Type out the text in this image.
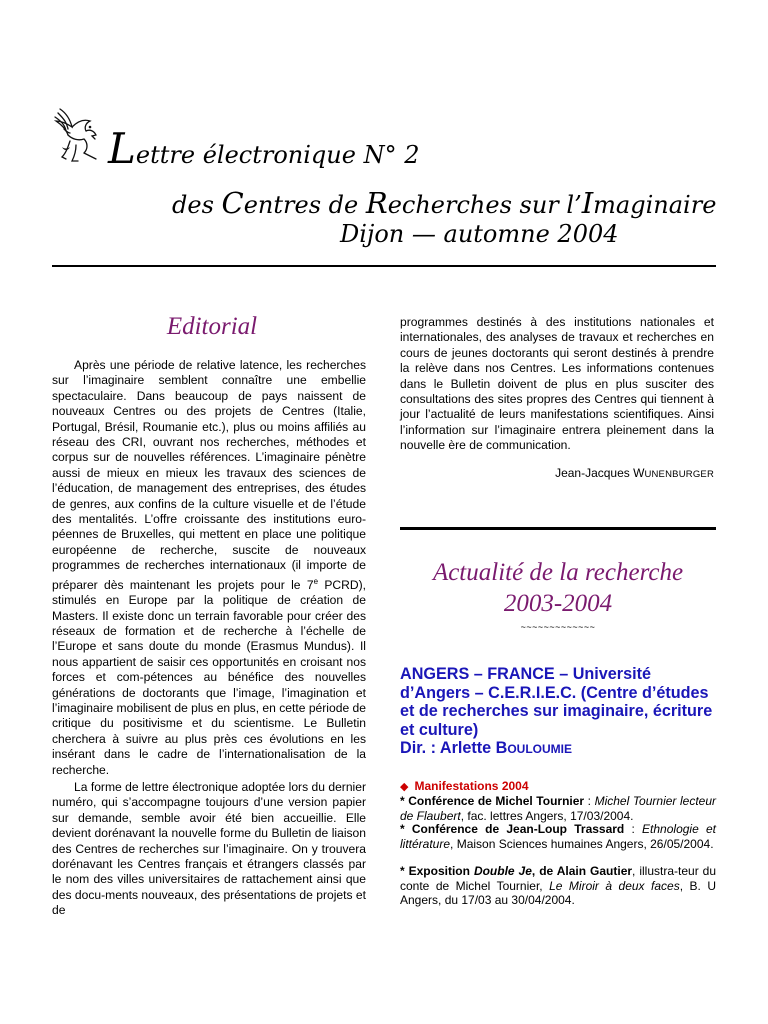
Lettre électronique N° 2
des Centres de Recherches sur l’Imaginaire
Dijon — automne 2004
Editorial

Après une période de relative latence, les recherches sur l’imaginaire semblent connaître une embellie spectaculaire. Dans beaucoup de pays naissent de nouveaux Centres ou des projets de Centres (Italie, Portugal, Brésil, Roumanie etc.), plus ou moins affiliés au réseau des CRI, ouvrant nos recherches, méthodes et corpus sur de nouvelles références. L’imaginaire pénètre aussi de mieux en mieux les travaux des sciences de l’éducation, de management des entreprises, des études de genres, aux confins de la culture visuelle et de l’étude des mentalités. L’offre croissante des institutions euro-péennes de Bruxelles, qui mettent en place une politique européenne de recherche, suscite de nouveaux programmes de recherches internationaux (il importe de préparer dès maintenant les projets pour le 7e PCRD), stimulés en Europe par la politique de création de Masters. Il existe donc un terrain favorable pour créer des réseaux de formation et de recherche à l’échelle de l’Europe et sans doute du monde (Erasmus Mundus). Il nous appartient de saisir ces opportunités en croisant nos forces et com-pétences au bénéfice des nouvelles générations de doctorants que l’image, l’imagination et l’imaginaire mobilisent de plus en plus, en cette période de critique du positivisme et du scientisme. Le Bulletin cherchera à suivre au plus près ces évolutions en les insérant dans le cadre de l’internationalisation de la recherche.

La forme de lettre électronique adoptée lors du dernier numéro, qui s’accompagne toujours d’une version papier sur demande, semble avoir été bien accueillie. Elle devient dorénavant la nouvelle forme du Bulletin de liaison des Centres de recherches sur l’imaginaire. On y trouvera dorénavant les Centres français et étrangers classés par le nom des villes universitaires de rattachement ainsi que des docu-ments nouveaux, des présentations de projets et de

programmes destinés à des institutions nationales et internationales, des analyses de travaux et recherches en cours de jeunes doctorants qui seront destinés à prendre la relève dans nos Centres. Les informations contenues dans le Bulletin doivent de plus en plus susciter des consultations des sites propres des Centres qui tiennent à jour l’actualité de leurs manifestations scientifiques. Ainsi l’information sur l’imaginaire entrera pleinement dans la nouvelle ère de communication.

Jean-Jacques WUNENBURGER
Actualité de la recherche
2003-2004
~~~~~~~~~~~~~
ANGERS – FRANCE – Université d’Angers – C.E.R.I.E.C. (Centre d’études et de recherches sur imaginaire, écriture et culture)
Dir. : Arlette BOULOUMIE
◆ Manifestations 2004

* Conférence de Michel Tournier : Michel Tournier lecteur de Flaubert, fac. lettres Angers, 17/03/2004.

* Conférence de Jean-Loup Trassard : Ethnologie et littérature, Maison Sciences humaines Angers, 26/05/2004.

* Exposition Double Je, de Alain Gautier, illustra-teur du conte de Michel Tournier, Le Miroir à deux faces, B. U Angers, du 17/03 au 30/04/2004.
